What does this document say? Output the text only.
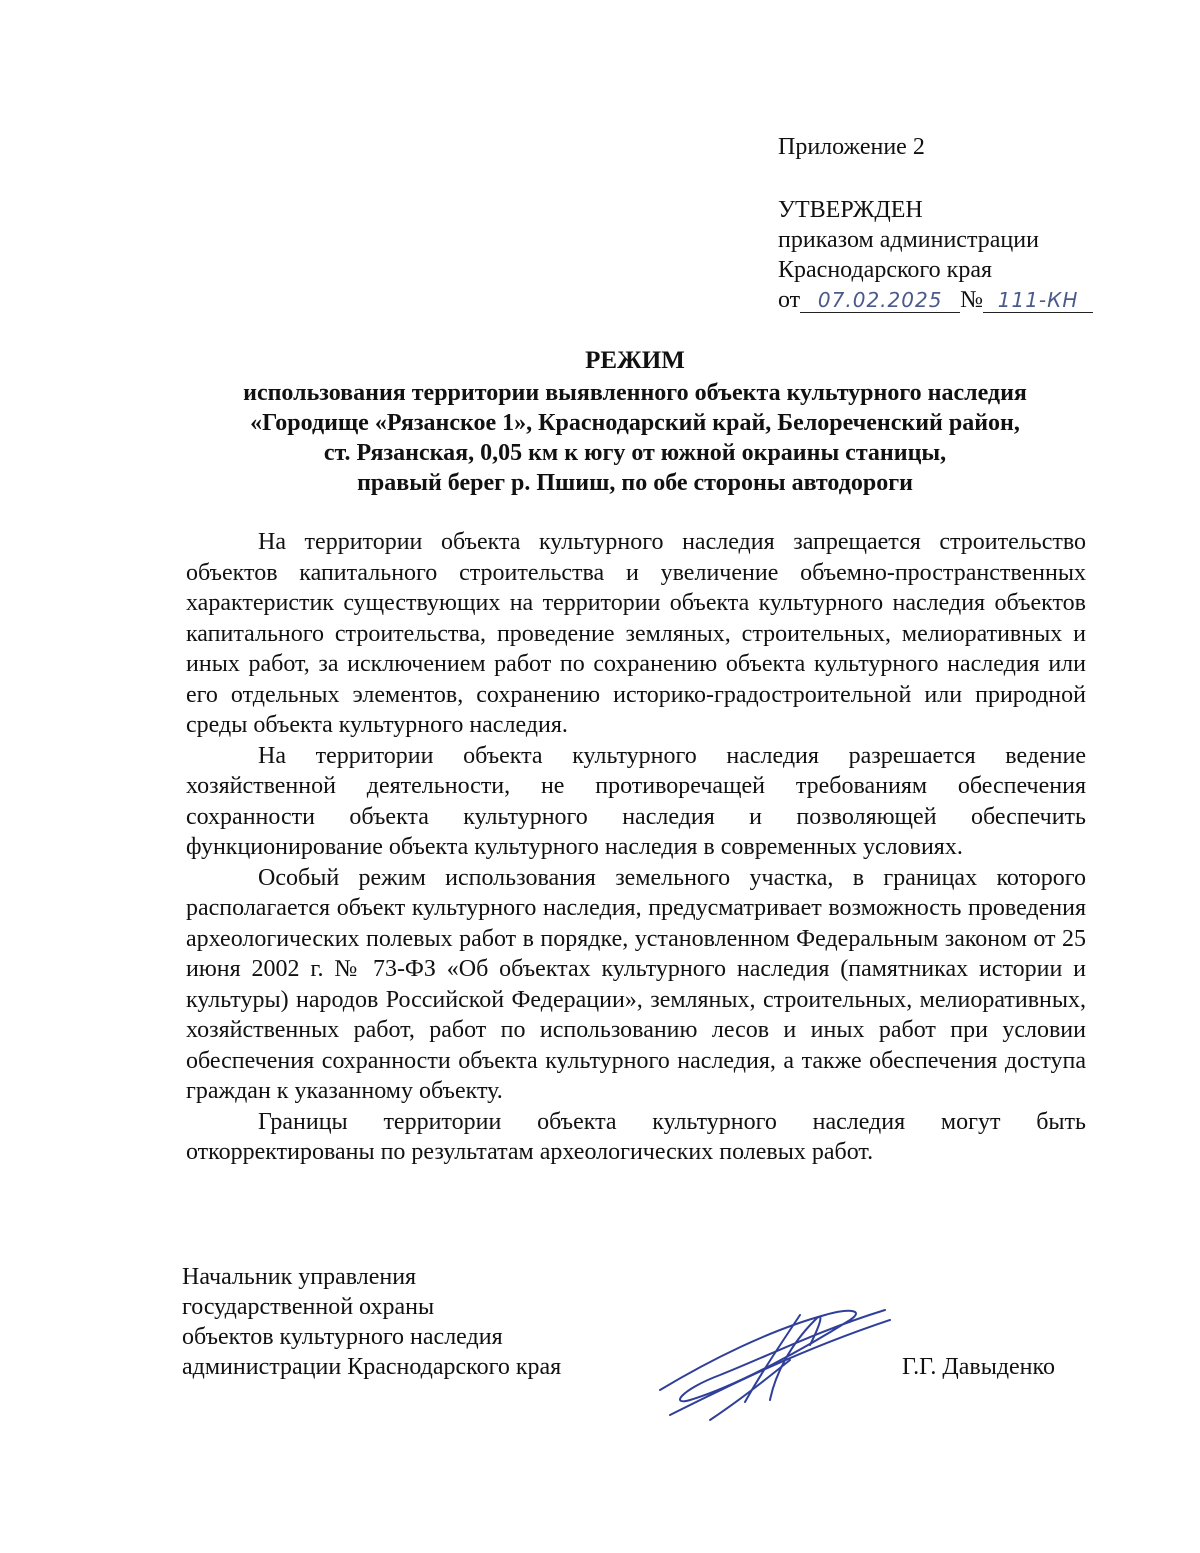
Приложение 2
УТВЕРЖДЕН
приказом администрации
Краснодарского края
от 07.02.2025 № 111-КН
РЕЖИМ
использования территории выявленного объекта культурного наследия
«Городище «Рязанское 1», Краснодарский край, Белореченский район,
ст. Рязанская, 0,05 км к югу от южной окраины станицы,
правый берег р. Пшиш, по обе стороны автодороги

На территории объекта культурного наследия запрещается строительство объектов капитального строительства и увеличение объемно-пространственных характеристик существующих на территории объекта культурного наследия объектов капитального строительства, проведение земляных, строительных, мелиоративных и иных работ, за исключением работ по сохранению объекта культурного наследия или его отдельных элементов, сохранению историко-градостроительной или природной среды объекта культурного наследия.

На территории объекта культурного наследия разрешается ведение хозяйственной деятельности, не противоречащей требованиям обеспечения сохранности объекта культурного наследия и позволяющей обеспечить функционирование объекта культурного наследия в современных условиях.

Особый режим использования земельного участка, в границах которого располагается объект культурного наследия, предусматривает возможность проведения археологических полевых работ в порядке, установленном Федеральным законом от 25 июня 2002 г. № 73-ФЗ «Об объектах культурного наследия (памятниках истории и культуры) народов Российской Федерации», земляных, строительных, мелиоративных, хозяйственных работ, работ по использованию лесов и иных работ при условии обеспечения сохранности объекта культурного наследия, а также обеспечения доступа граждан к указанному объекту.

Границы территории объекта культурного наследия могут быть откорректированы по результатам археологических полевых работ.

Начальник управления
государственной охраны
объектов культурного наследия
администрации Краснодарского края	Г.Г. Давыденко
